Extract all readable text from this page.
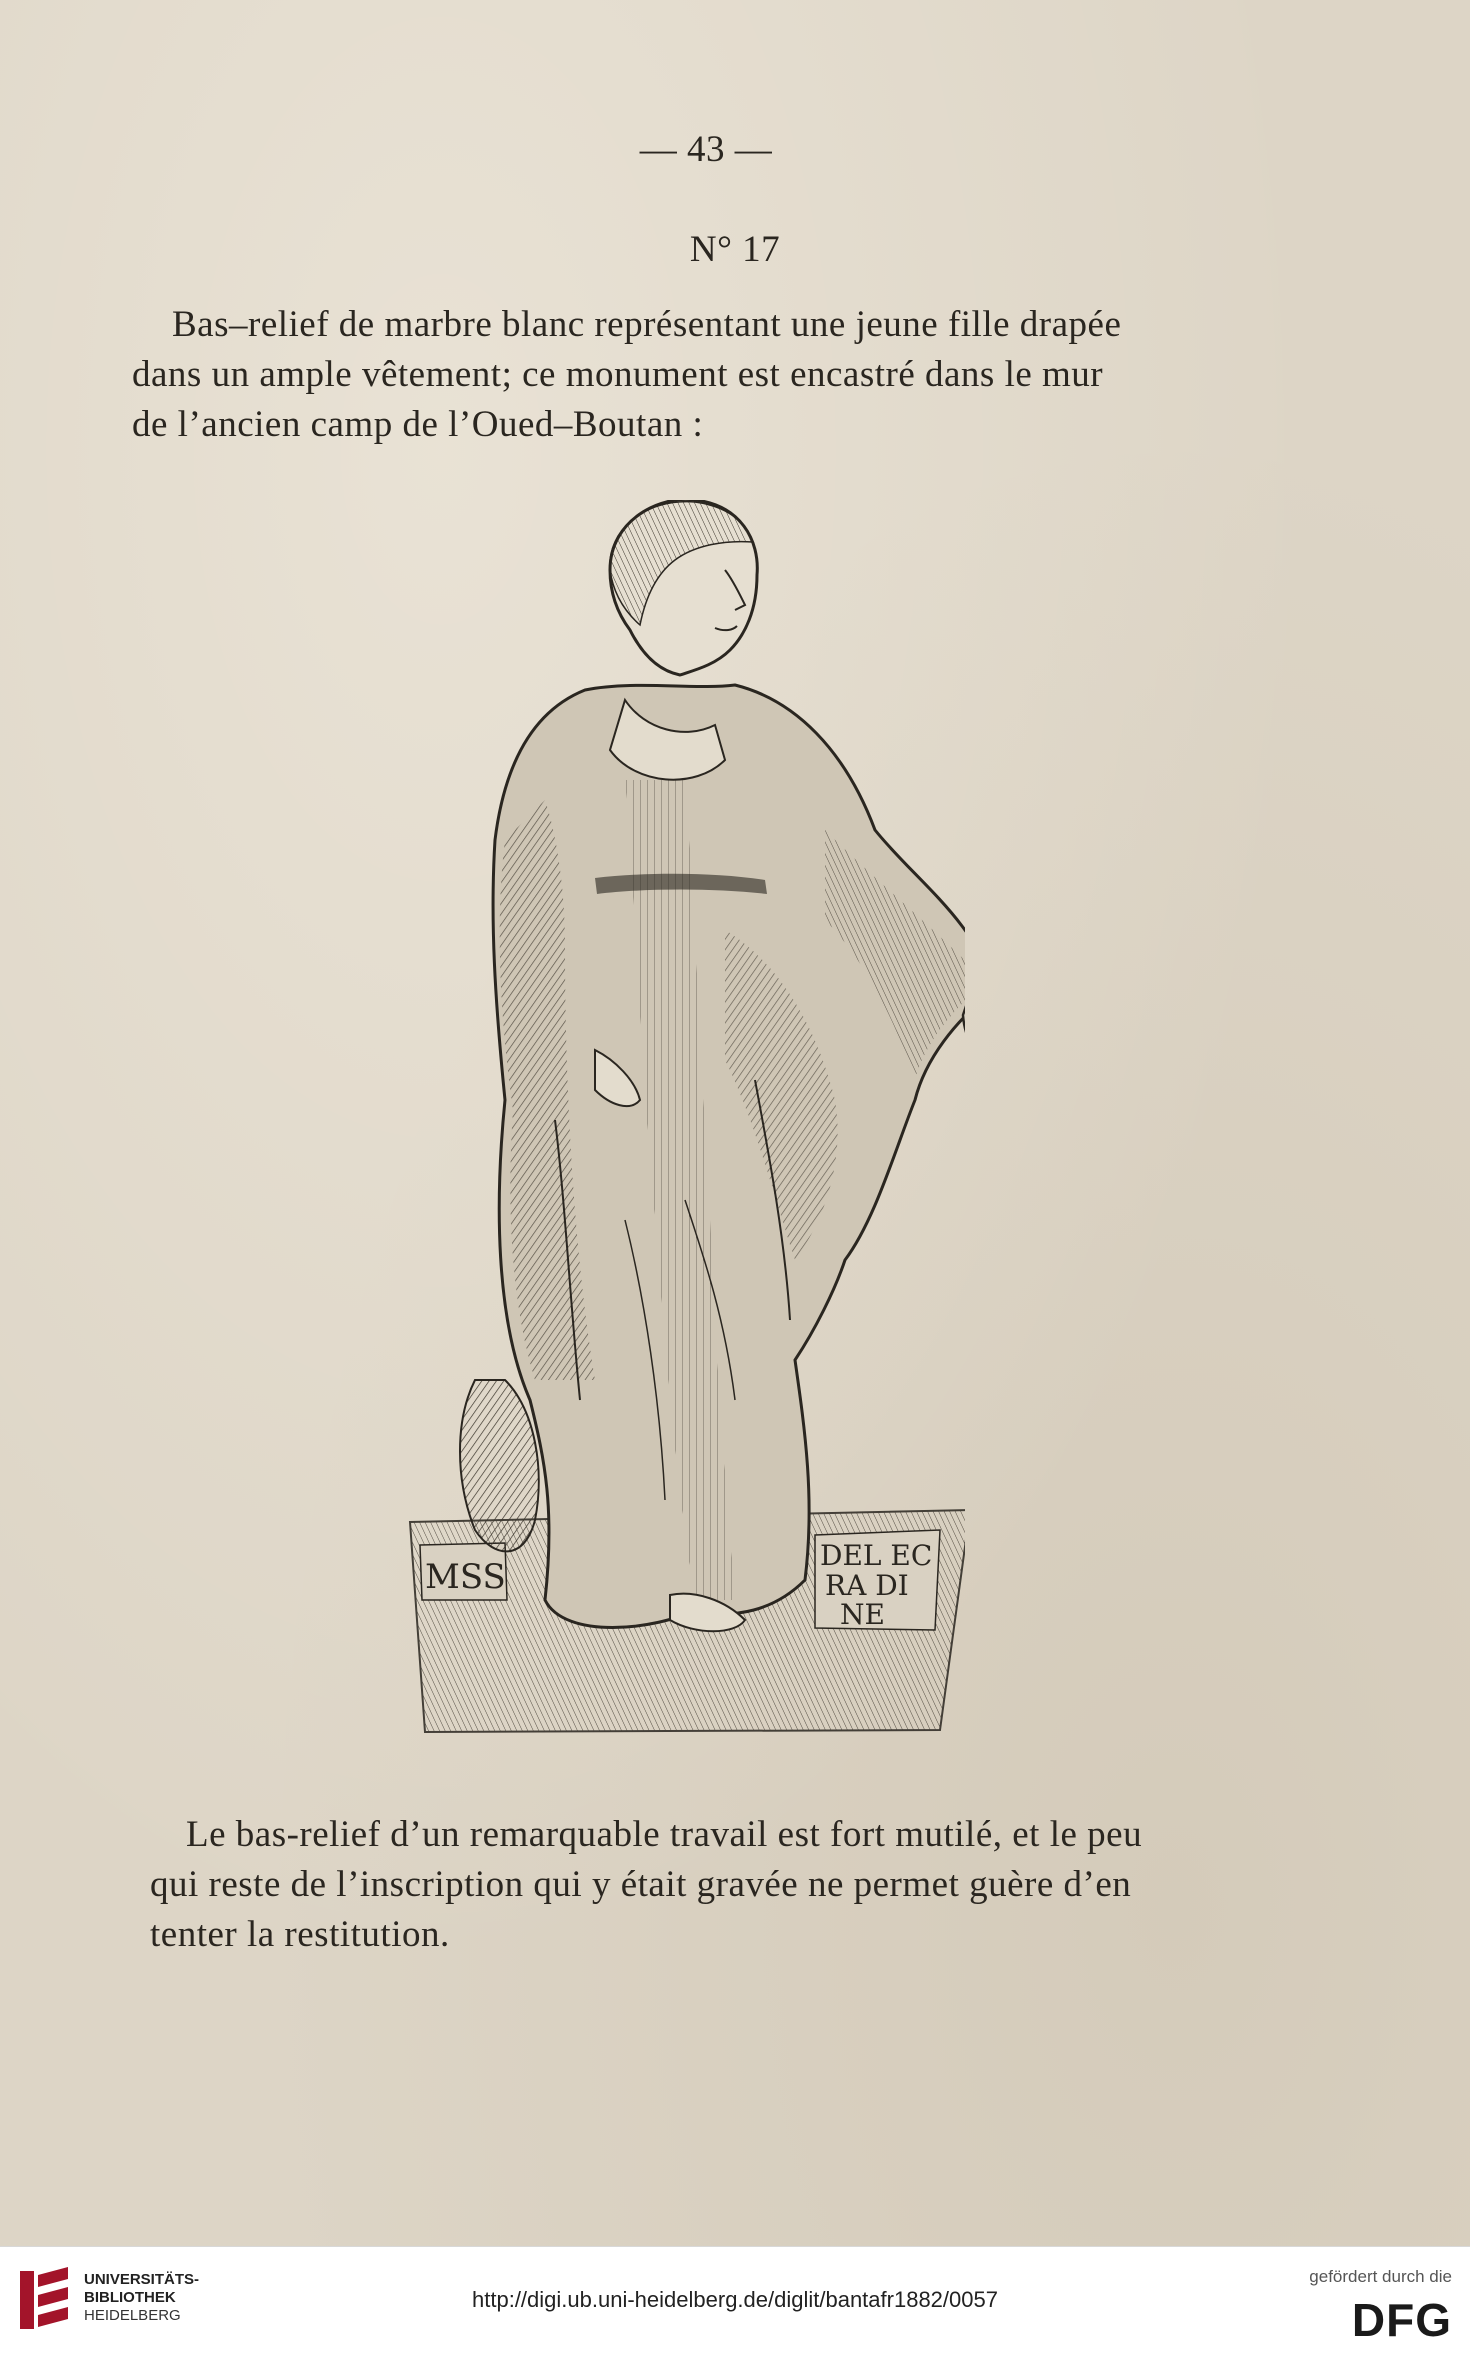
— 43 —
N° 17
Bas–relief de marbre blanc représentant une jeune fille drapée
dans un ample vêtement; ce monument est encastré dans le mur
de l’ancien camp de l’Oued–Boutan :
MSS
DEL EC
RA DI
NE
Le bas-relief d’un remarquable travail est fort mutilé, et le peu
qui reste de l’inscription qui y était gravée ne permet guère d’en
tenter la restitution.
UNIVERSITÄTS-
BIBLIOTHEK
HEIDELBERG
http://digi.ub.uni-heidelberg.de/diglit/bantafr1882/0057
gefördert durch die
DFG
